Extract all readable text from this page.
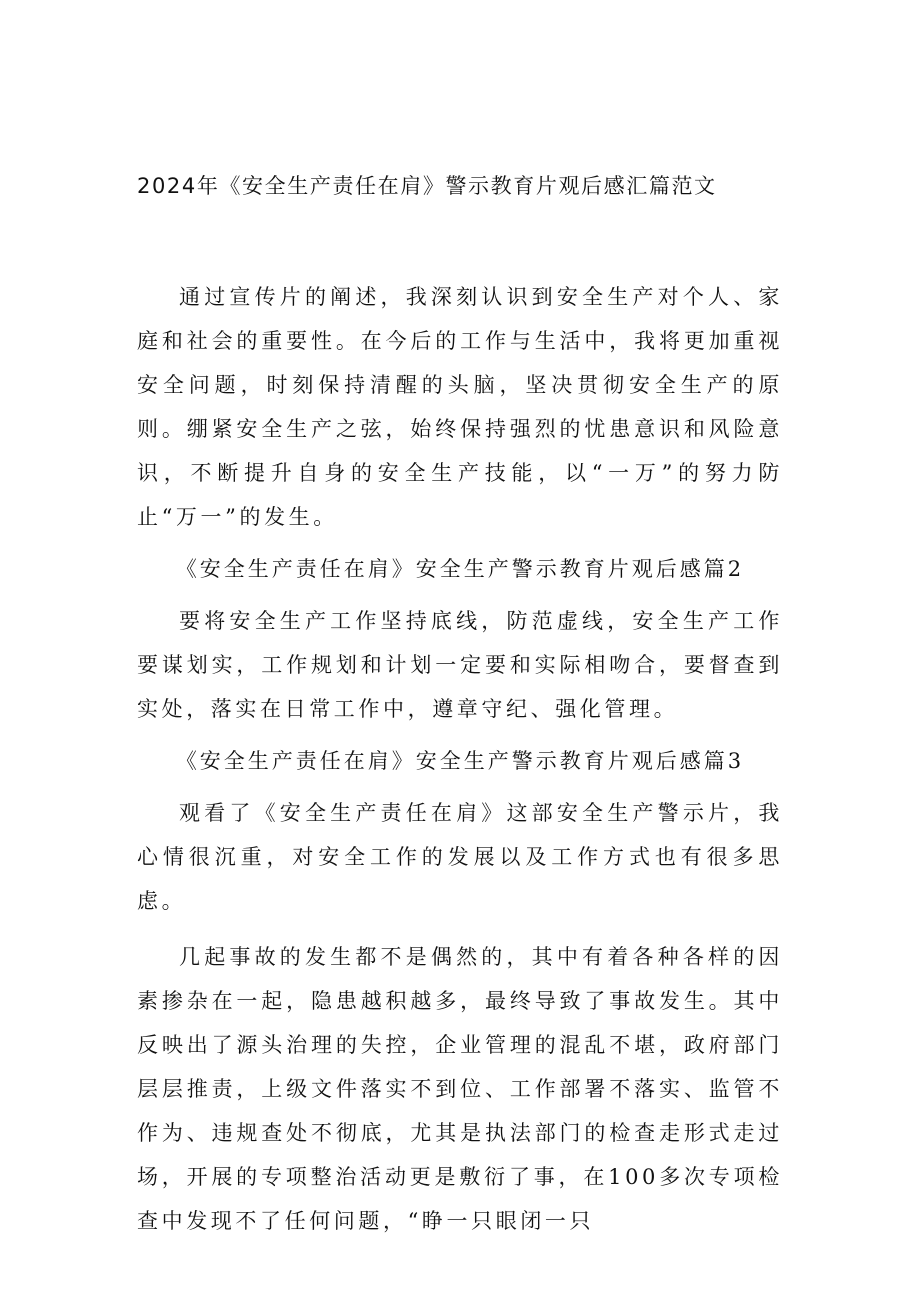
2024年《安全生产责任在肩》警示教育片观后感汇篇范文

通过宣传片的阐述，我深刻认识到安全生产对个人、家庭和社会的重要性。在今后的工作与生活中，我将更加重视安全问题，时刻保持清醒的头脑，坚决贯彻安全生产的原则。绷紧安全生产之弦，始终保持强烈的忧患意识和风险意识，不断提升自身的安全生产技能，以“一万”的努力防止“万一”的发生。

《安全生产责任在肩》安全生产警示教育片观后感篇2

要将安全生产工作坚持底线，防范虚线，安全生产工作要谋划实，工作规划和计划一定要和实际相吻合，要督查到实处，落实在日常工作中，遵章守纪、强化管理。

《安全生产责任在肩》安全生产警示教育片观后感篇3

观看了《安全生产责任在肩》这部安全生产警示片，我心情很沉重，对安全工作的发展以及工作方式也有很多思虑。

几起事故的发生都不是偶然的，其中有着各种各样的因素掺杂在一起，隐患越积越多，最终导致了事故发生。其中反映出了源头治理的失控，企业管理的混乱不堪，政府部门层层推责，上级文件落实不到位、工作部署不落实、监管不作为、违规查处不彻底，尤其是执法部门的检查走形式走过场，开展的专项整治活动更是敷衍了事，在100多次专项检查中发现不了任何问题，“睁一只眼闭一只
